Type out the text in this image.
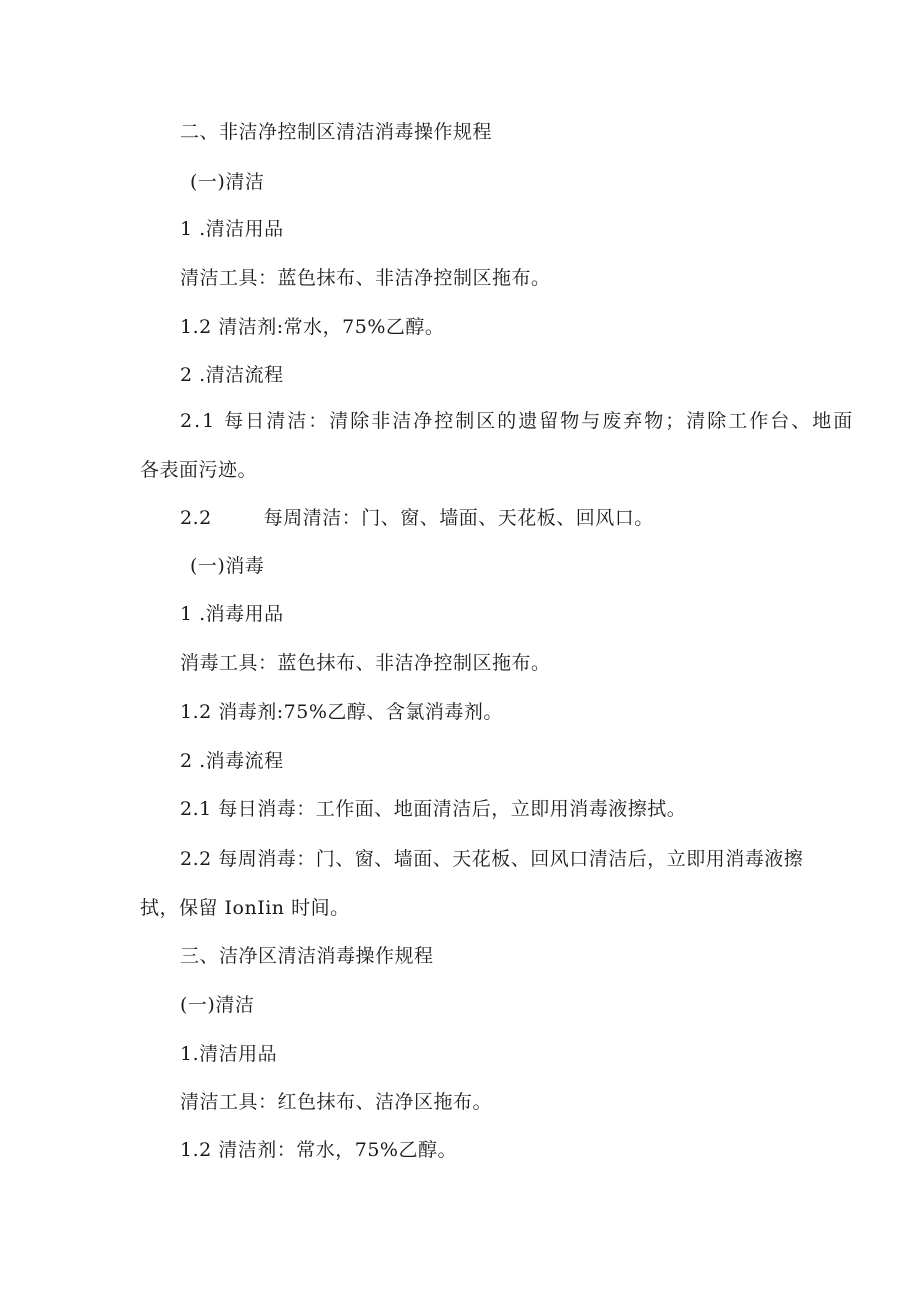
二、非洁净控制区清洁消毒操作规程

(一)清洁

1 .清洁用品

清洁工具：蓝色抹布、非洁净控制区拖布。

1.2 清洁剂:常水，75%乙醇。

2 .清洁流程

2.1 每日清洁：清除非洁净控制区的遗留物与废弃物；清除工作台、地面

各表面污迹。

2.2	每周清洁：门、窗、墙面、天花板、回风口。

(一)消毒

1 .消毒用品

消毒工具：蓝色抹布、非洁净控制区拖布。

1.2 消毒剂:75%乙醇、含氯消毒剂。

2 .消毒流程

2.1 每日消毒：工作面、地面清洁后，立即用消毒液擦拭。

2.2 每周消毒：门、窗、墙面、天花板、回风口清洁后，立即用消毒液擦

拭，保留 IonIin 时间。

三、洁净区清洁消毒操作规程

(一)清洁

1.清洁用品

清洁工具：红色抹布、洁净区拖布。

1.2 清洁剂：常水，75%乙醇。
